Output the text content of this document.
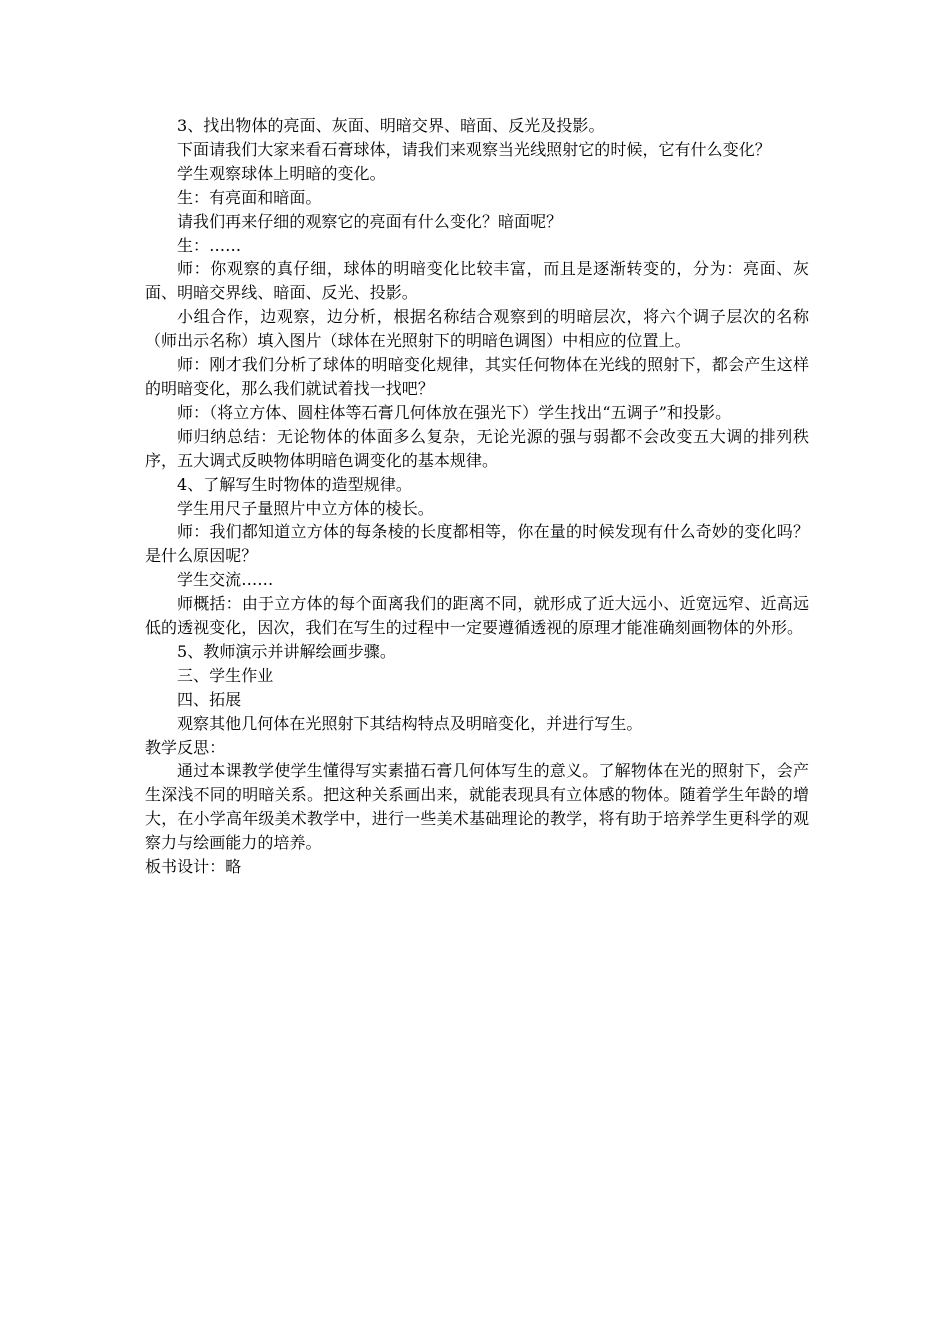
3、找出物体的亮面、灰面、明暗交界、暗面、反光及投影。

下面请我们大家来看石膏球体，请我们来观察当光线照射它的时候，它有什么变化？

学生观察球体上明暗的变化。

生：有亮面和暗面。

请我们再来仔细的观察它的亮面有什么变化？暗面呢？

生：……

师：你观察的真仔细，球体的明暗变化比较丰富，而且是逐渐转变的，分为：亮面、灰面、明暗交界线、暗面、反光、投影。

小组合作，边观察，边分析，根据名称结合观察到的明暗层次，将六个调子层次的名称（师出示名称）填入图片（球体在光照射下的明暗色调图）中相应的位置上。

师：刚才我们分析了球体的明暗变化规律，其实任何物体在光线的照射下，都会产生这样的明暗变化，那么我们就试着找一找吧？

师：（将立方体、圆柱体等石膏几何体放在强光下）学生找出“五调子”和投影。

师归纳总结：无论物体的体面多么复杂，无论光源的强与弱都不会改变五大调的排列秩序，五大调式反映物体明暗色调变化的基本规律。

4、了解写生时物体的造型规律。

学生用尺子量照片中立方体的棱长。

师：我们都知道立方体的每条棱的长度都相等，你在量的时候发现有什么奇妙的变化吗？是什么原因呢？

学生交流……

师概括：由于立方体的每个面离我们的距离不同，就形成了近大远小、近宽远窄、近高远低的透视变化，因次，我们在写生的过程中一定要遵循透视的原理才能准确刻画物体的外形。

5、教师演示并讲解绘画步骤。

三、学生作业

四、拓展

观察其他几何体在光照射下其结构特点及明暗变化，并进行写生。

教学反思：

通过本课教学使学生懂得写实素描石膏几何体写生的意义。了解物体在光的照射下，会产生深浅不同的明暗关系。把这种关系画出来，就能表现具有立体感的物体。随着学生年龄的增大，在小学高年级美术教学中，进行一些美术基础理论的教学，将有助于培养学生更科学的观察力与绘画能力的培养。

板书设计：略
